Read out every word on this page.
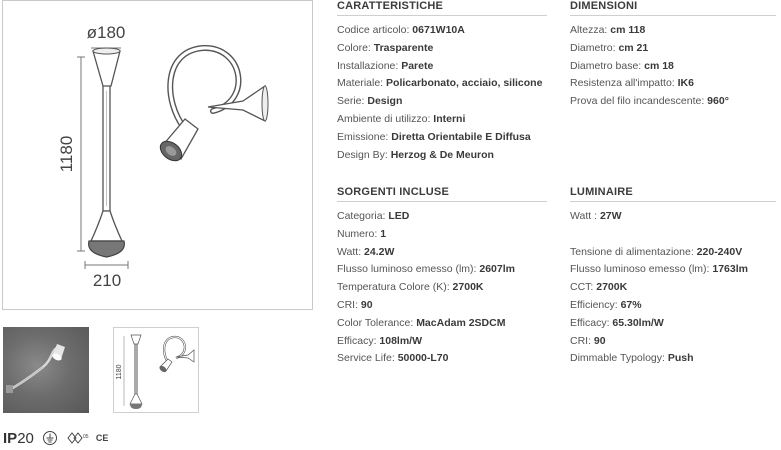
ø180
1180
210
1180
IP20	05 CE
CARATTERISTICHE
Codice articolo: 0671W10A
Colore: Trasparente
Installazione: Parete
Materiale: Policarbonato, acciaio, silicone
Serie: Design
Ambiente di utilizzo: Interni
Emissione: Diretta Orientabile E Diffusa
Design By: Herzog & De Meuron
DIMENSIONI
Altezza: cm 118
Diametro: cm 21
Diametro base: cm 18
Resistenza all'impatto: IK6
Prova del filo incandescente: 960°
SORGENTI INCLUSE
Categoria: LED
Numero: 1
Watt: 24.2W
Flusso luminoso emesso (lm): 2607lm
Temperatura Colore (K): 2700K
CRI: 90
Color Tolerance: MacAdam 2SDCM
Efficacy: 108lm/W
Service Life: 50000-L70
LUMINAIRE
Watt : 27W

Tensione di alimentazione: 220-240V
Flusso luminoso emesso (lm): 1763lm
CCT: 2700K
Efficiency: 67%
Efficacy: 65.30lm/W
CRI: 90
Dimmable Typology: Push
